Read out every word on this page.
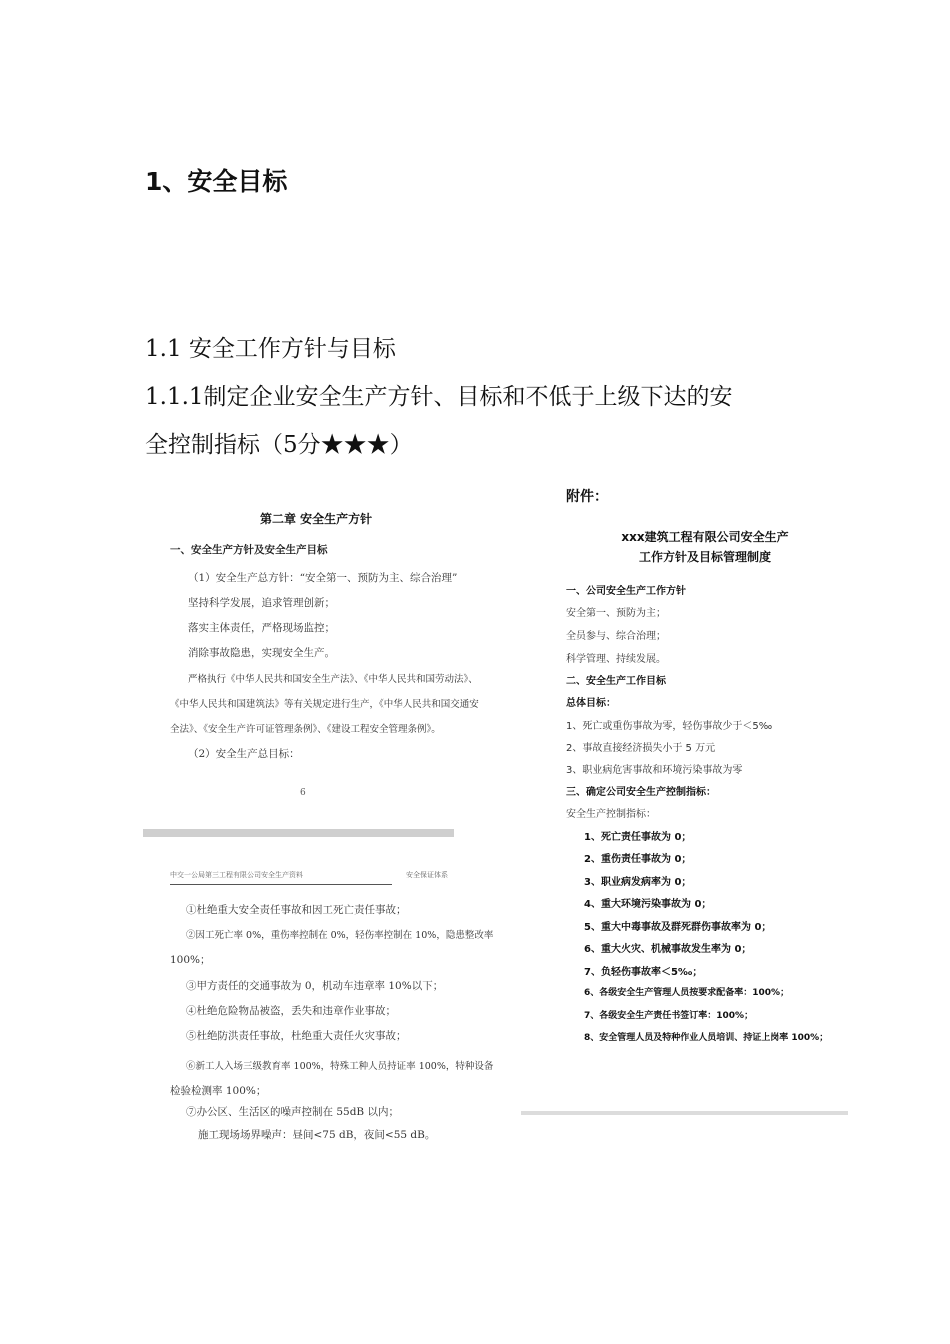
1、安全目标
1.1 安全工作方针与目标
1.1.1制定企业安全生产方针、目标和不低于上级下达的安
全控制指标（5分★★★）
第二章 安全生产方针
一、安全生产方针及安全生产目标
（1）安全生产总方针：“安全第一、预防为主、综合治理”
坚持科学发展，追求管理创新；
落实主体责任，严格现场监控；
消除事故隐患，实现安全生产。
严格执行《中华人民共和国安全生产法》、《中华人民共和国劳动法》、
《中华人民共和国建筑法》等有关规定进行生产，《中华人民共和国交通安
全法》、《安全生产许可证管理条例》、《建设工程安全管理条例》。
（2）安全生产总目标：
6
中交一公局第三工程有限公司安全生产资料	安全保证体系
①杜绝重大安全责任事故和因工死亡责任事故；
②因工死亡率 0%，重伤率控制在 0%，轻伤率控制在 10%，隐患整改率
100%；
③甲方责任的交通事故为 0，机动车违章率 10%以下；
④杜绝危险物品被盗，丢失和违章作业事故；
⑤杜绝防洪责任事故，杜绝重大责任火灾事故；
⑥新工人入场三级教育率 100%，特殊工种人员持证率 100%，特种设备
检验检测率 100%；
⑦办公区、生活区的噪声控制在 55dB 以内；
施工现场场界噪声：昼间<75 dB，夜间<55 dB。
附件：
xxx建筑工程有限公司安全生产
工作方针及目标管理制度
一、公司安全生产工作方针
安全第一、预防为主；
全员参与、综合治理；
科学管理、持续发展。
二、安全生产工作目标
总体目标：
1、死亡或重伤事故为零，轻伤事故少于＜5‰
2、事故直接经济损失小于 5 万元
3、职业病危害事故和环境污染事故为零
三、确定公司安全生产控制指标：
安全生产控制指标：
1、死亡责任事故为 0；
2、重伤责任事故为 0；
3、职业病发病率为 0；
4、重大环境污染事故为 0；
5、重大中毒事故及群死群伤事故率为 0；
6、重大火灾、机械事故发生率为 0；
7、负轻伤事故率＜5‰；
6、各级安全生产管理人员按要求配备率：100%；
7、各级安全生产责任书签订率：100%；
8、安全管理人员及特种作业人员培训、持证上岗率 100%；
